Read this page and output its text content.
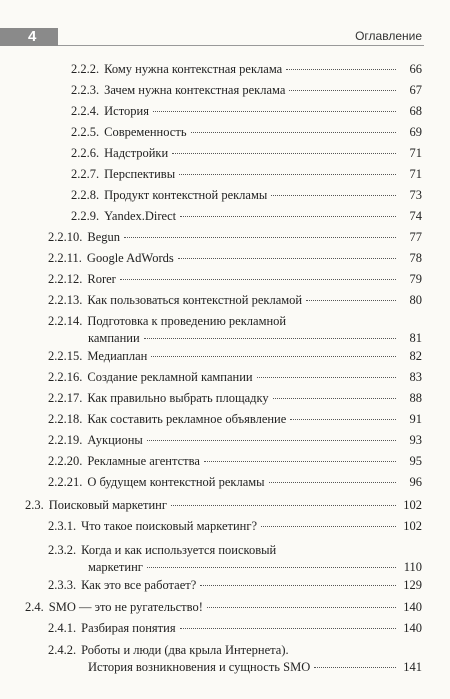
4	Оглавление
2.2.2. Кому нужна контекстная реклама	66
2.2.3. Зачем нужна контекстная реклама	67
2.2.4. История	68
2.2.5. Современность	69
2.2.6. Надстройки	71
2.2.7. Перспективы	71
2.2.8. Продукт контекстной рекламы	73
2.2.9. Yandex.Direct	74
2.2.10. Begun	77
2.2.11. Google AdWords	78
2.2.12. Rorer	79
2.2.13. Как пользоваться контекстной рекламой	80
2.2.14. Подготовка к проведению рекламной
кампании	81
2.2.15. Медиаплан	82
2.2.16. Создание рекламной кампании	83
2.2.17. Как правильно выбрать площадку	88
2.2.18. Как составить рекламное объявление	91
2.2.19. Аукционы	93
2.2.20. Рекламные агентства	95
2.2.21. О будущем контекстной рекламы	96
2.3. Поисковый маркетинг	102
2.3.1. Что такое поисковый маркетинг?	102
2.3.2. Когда и как используется поисковый
маркетинг	110
2.3.3. Как это все работает?	129
2.4. SMO — это не ругательство!	140
2.4.1. Разбирая понятия	140
2.4.2. Роботы и люди (два крыла Интернета).
История возникновения и сущность SMO	141
